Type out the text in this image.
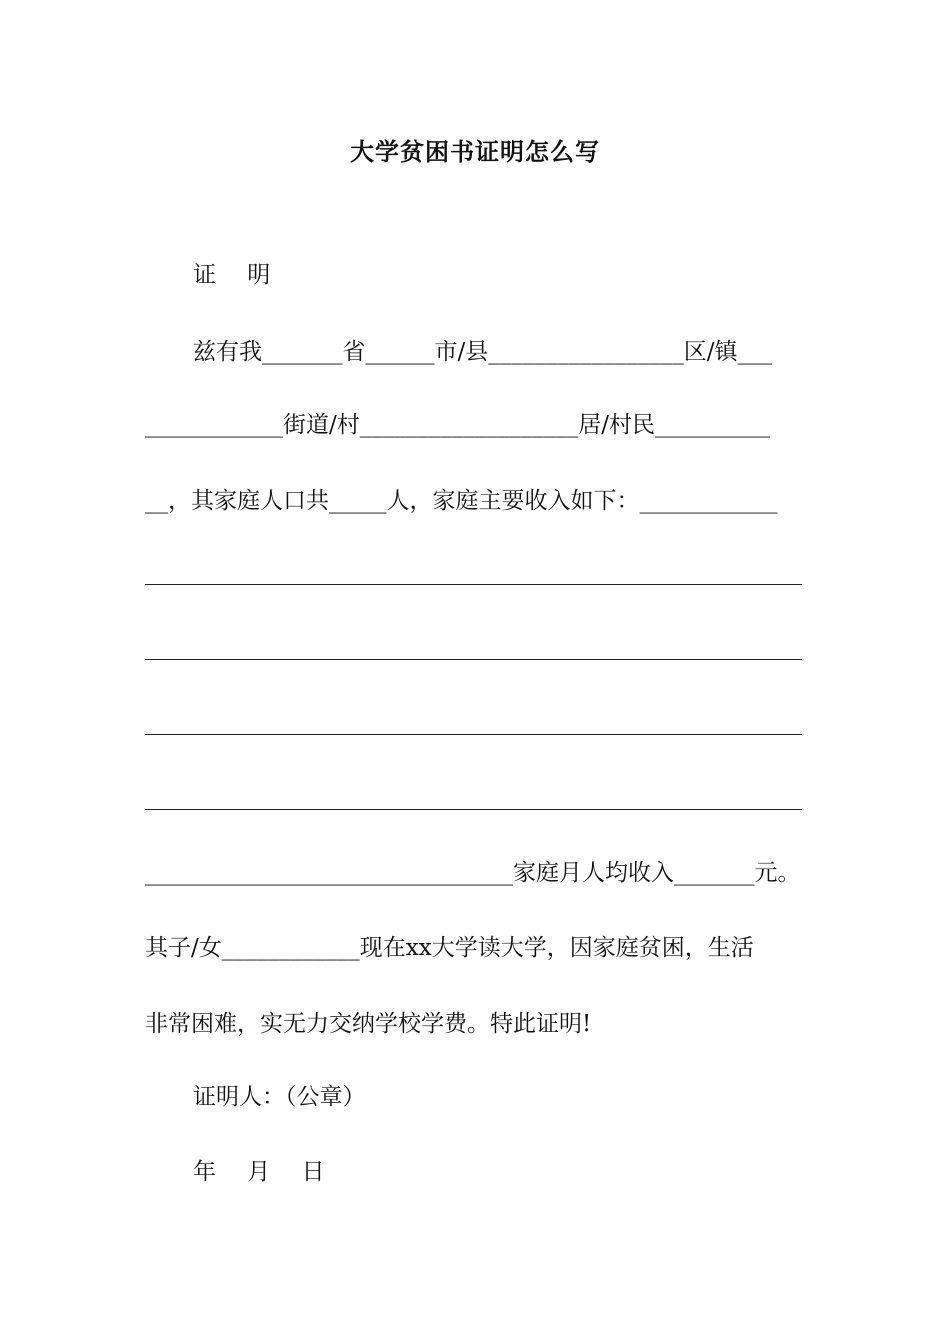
大学贫困书证明怎么写
证 明
兹有我_______省______市/县_________________区/镇___
____________街道/村___________________居/村民__________
__，其家庭人口共_____人，家庭主要收入如下：____________
________________________________家庭月人均收入_______元。
其子/女____________现在xx大学读大学，因家庭贫困，生活
非常困难，实无力交纳学校学费。特此证明!
证明人：（公章）
年 月 日
